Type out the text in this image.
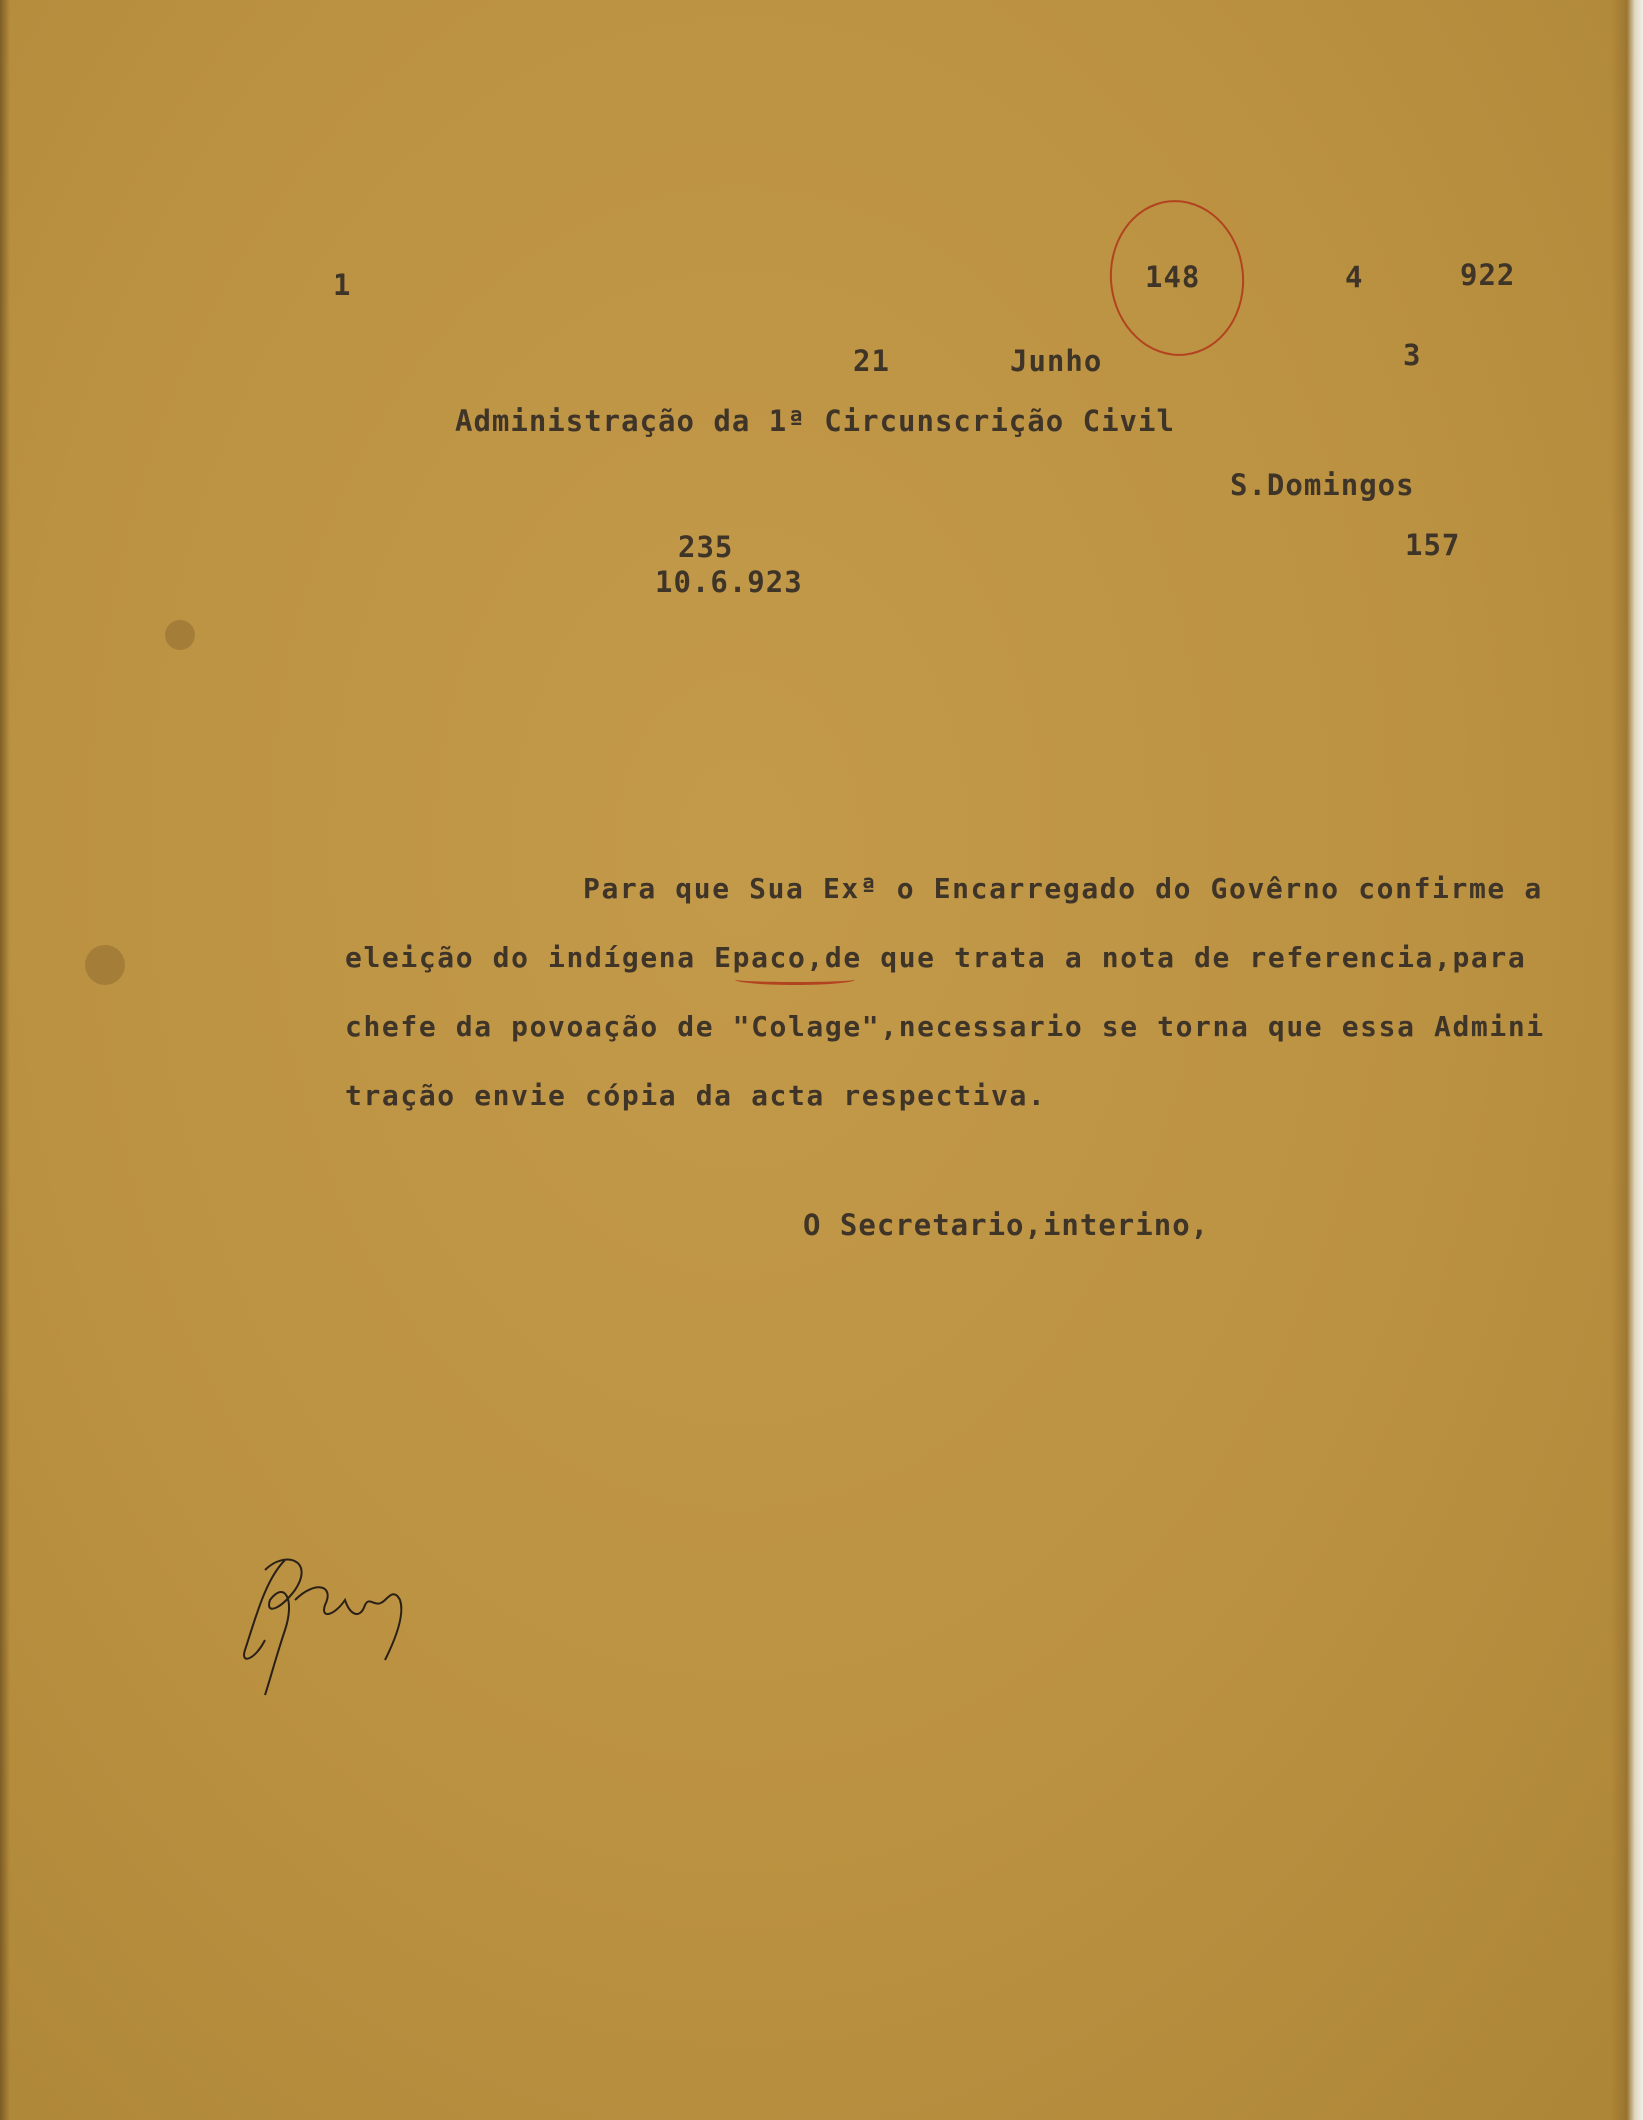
1	148	4	922
21	Junho	3
Administração da 1ª Circunscrição Civil
S.Domingos
235
10.6.923
157
Para que Sua Exª o Encarregado do Govêrno confirme a
eleição do indígena Epaco,de que trata a nota de referencia,para
chefe da povoação de "Colage",necessario se torna que essa Admini
tração envie cópia da acta respectiva.
O Secretario,interino,
